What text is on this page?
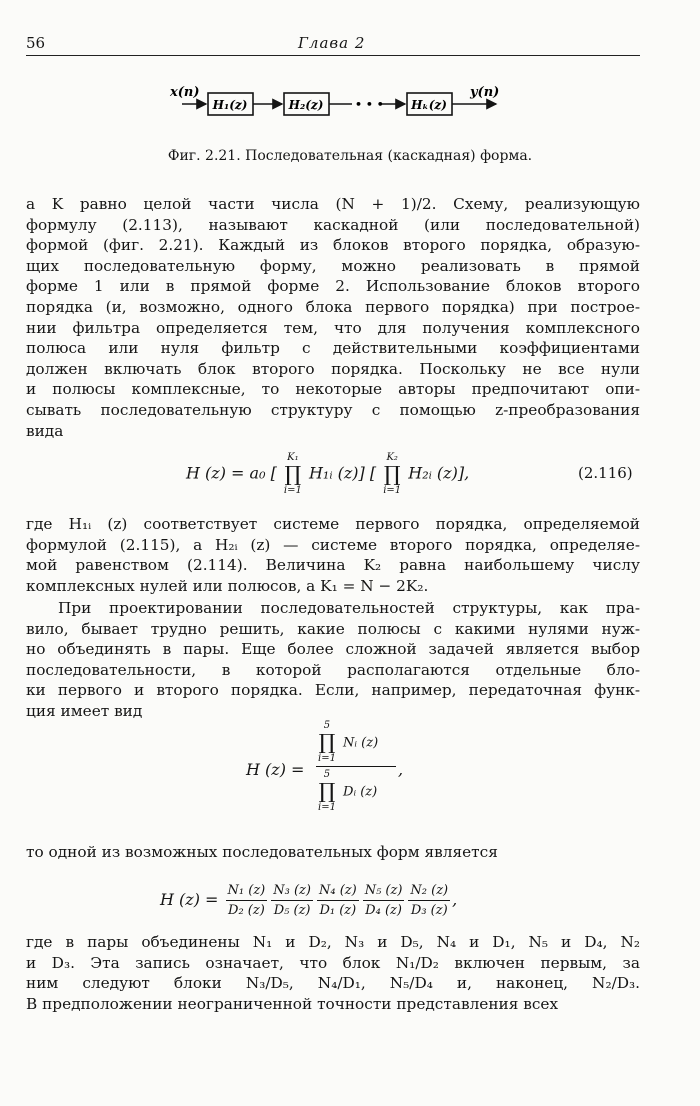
56	Глава 2
x(n)
H₁(z)	H₂(z)	• • • Hₖ(z)
y(n)
Фиг. 2.21. Последовательная (каскадная) форма.
а K равно целой части числа (N + 1)/2. Схему, реализующую
формулу (2.113), называют каскадной (или последовательной)
формой (фиг. 2.21). Каждый из блоков второго порядка, образую-
щих последовательную форму, можно реализовать в прямой
форме 1 или в прямой форме 2. Использование блоков второго
порядка (и, возможно, одного блока первого порядка) при построе-
нии фильтра определяется тем, что для получения комплексного
полюса или нуля фильтр с действительными коэффициентами
должен включать блок второго порядка. Поскольку не все нули
и полюсы комплексные, то некоторые авторы предпочитают опи-
сывать последовательную структуру с помощью z-преобразования
вида
H (z) = a₀ [
K₁
∏
i=1
H₁ᵢ (z)] [
K₂
∏
i=1
H₂ᵢ (z)],	(2.116)
где H₁ᵢ (z) соответствует системе первого порядка, определяемой
формулой (2.115), а H₂ᵢ (z) — системе второго порядка, определяе-
мой равенством (2.114). Величина K₂ равна наибольшему числу
комплексных нулей или полюсов, а K₁ = N − 2K₂.
При проектировании последовательностей структуры, как пра-
вило, бывает трудно решить, какие полюсы с какими нулями нуж-
но объединять в пары. Еще более сложной задачей является выбор
последовательности, в которой располагаются отдельные бло-
ки первого и второго порядка. Если, например, передаточная функ-
ция имеет вид
H (z) = 5
∏
i=1
Nᵢ (z)
5
∏
i=1
Dᵢ (z)
,
то одной из возможных последовательных форм является
H $(z) = \frac{\text{N₁ (z)}}{\text{D₂ (z)}} \frac{\text{N₃ (z)}}{\text{D₅ (z)}} \frac{\text{N₄ (z)}}{\text{D₁ (z)}} \frac{\text{N₅ (z)}}{\text{D₄ (z)}} \frac{\text{N₂ (z)}}{\text{D₃ (z)}}$ ,
где в пары объединены N₁ и D₂, N₃ и D₅, N₄ и D₁, N₅ и D₄, N₂
и D₃. Эта запись означает, что блок N₁/D₂ включен первым, за
ним следуют блоки N₃/D₅, N₄/D₁, N₅/D₄ и, наконец, N₂/D₃.
В предположении неограниченной точности представления всех
